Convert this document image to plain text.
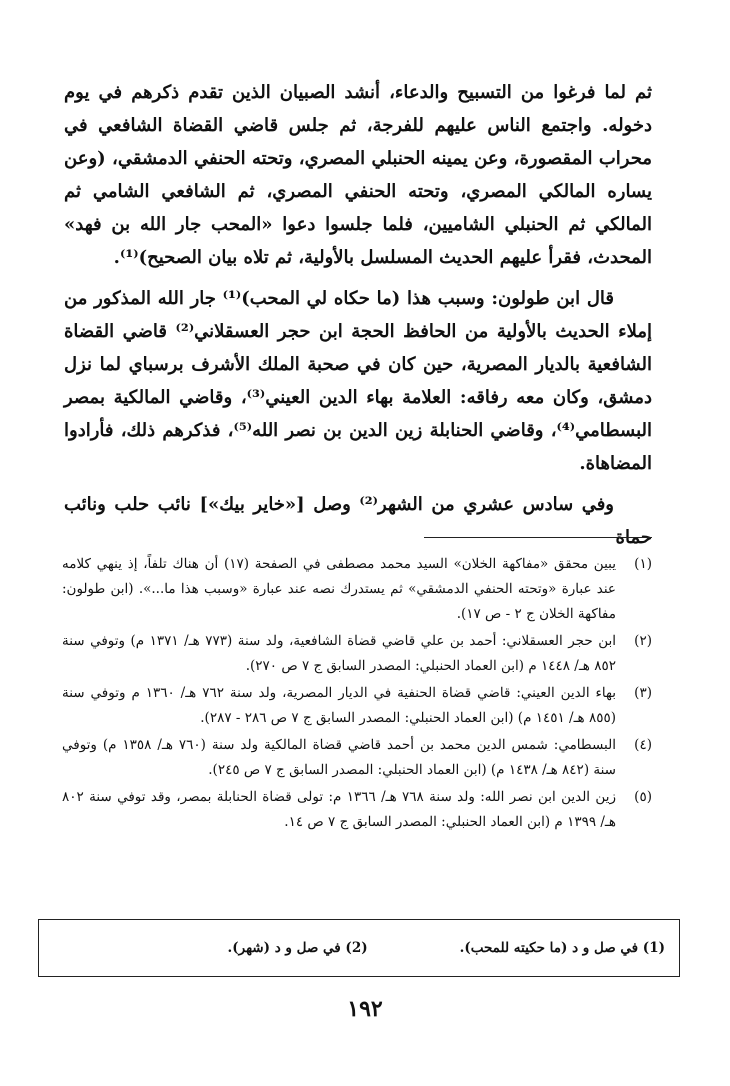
ثم لما فرغوا من التسبيح والدعاء، أنشد الصبيان الذين تقدم ذكرهم في يوم دخوله. واجتمع الناس عليهم للفرجة، ثم جلس قاضي القضاة الشافعي في محراب المقصورة، وعن يمينه الحنبلي المصري، وتحته الحنفي الدمشقي، (وعن يساره المالكي المصري، وتحته الحنفي المصري، ثم الشافعي الشامي ثم المالكي ثم الحنبلي الشاميين، فلما جلسوا دعوا «المحب جار الله بن فهد» المحدث، فقرأ عليهم الحديث المسلسل بالأولية، ثم تلاه بيان الصحيح)⁽¹⁾.

قال ابن طولون: وسبب هذا (ما حكاه لي المحب)⁽¹⁾ جار الله المذكور من إملاء الحديث بالأولية من الحافظ الحجة ابن حجر العسقلاني⁽²⁾ قاضي القضاة الشافعية بالديار المصرية، حين كان في صحبة الملك الأشرف برسباي لما نزل دمشق، وكان معه رفاقه: العلامة بهاء الدين العيني⁽³⁾، وقاضي المالكية بمصر البسطامي⁽⁴⁾، وقاضي الحنابلة زين الدين بن نصر الله⁽⁵⁾، فذكرهم ذلك، فأرادوا المضاهاة.

وفي سادس عشري من الشهر⁽²⁾ وصل [«خاير بيك»] نائب حلب ونائب حماة

(١)
يبين محقق «مفاكهة الخلان» السيد محمد مصطفى في الصفحة (١٧) أن هناك تلفاً، إذ ينهي كلامه عند عبارة «وتحته الحنفي الدمشقي» ثم يستدرك نصه عند عبارة «وسبب هذا ما...». (ابن طولون: مفاكهة الخلان ج ٢ - ص ١٧).
(٢)
ابن حجر العسقلاني: أحمد بن علي قاضي قضاة الشافعية، ولد سنة (٧٧٣ هـ/ ١٣٧١ م) وتوفي سنة ٨٥٢ هـ/ ١٤٤٨ م (ابن العماد الحنبلي: المصدر السابق ج ٧ ص ٢٧٠).
(٣)
بهاء الدين العيني: قاضي قضاة الحنفية في الديار المصرية، ولد سنة ٧٦٢ هـ/ ١٣٦٠ م وتوفي سنة (٨٥٥ هـ/ ١٤٥١ م) (ابن العماد الحنبلي: المصدر السابق ج ٧ ص ٢٨٦ - ٢٨٧).
(٤)
البسطامي: شمس الدين محمد بن أحمد قاضي قضاة المالكية ولد سنة (٧٦٠ هـ/ ١٣٥٨ م) وتوفي سنة (٨٤٢ هـ/ ١٤٣٨ م) (ابن العماد الحنبلي: المصدر السابق ج ٧ ص ٢٤٥).
(٥)
زين الدين ابن نصر الله: ولد سنة ٧٦٨ هـ/ ١٣٦٦ م: تولى قضاة الحنابلة بمصر، وقد توفي سنة ٨٠٢ هـ/ ١٣٩٩ م (ابن العماد الحنبلي: المصدر السابق ج ٧ ص ١٤.
(1) في صل و د (ما حكيته للمحب).
(2) في صل و د (شهر).
١٩٢
